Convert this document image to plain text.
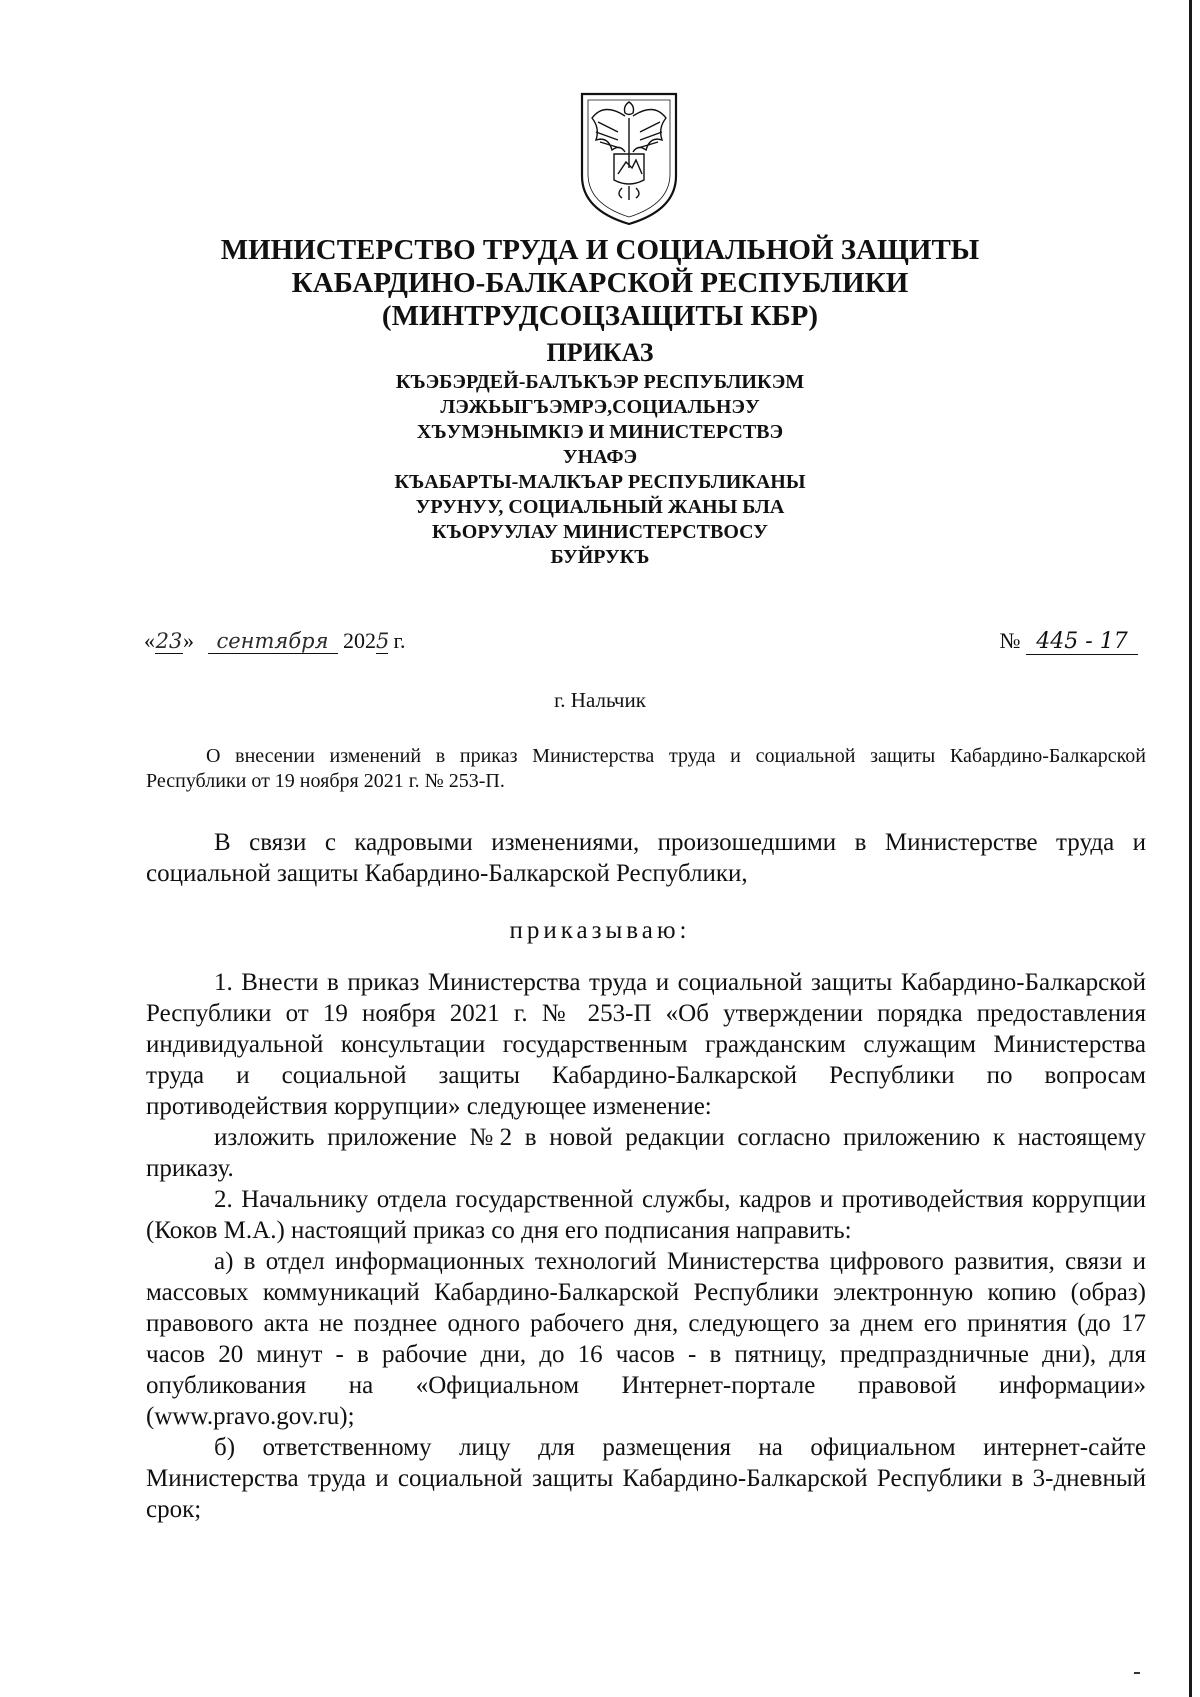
МИНИСТЕРСТВО ТРУДА И СОЦИАЛЬНОЙ ЗАЩИТЫ
КАБАРДИНО-БАЛКАРСКОЙ РЕСПУБЛИКИ
(МИНТРУДСОЦЗАЩИТЫ КБР)
ПРИКАЗ
КЪЭБЭРДЕЙ-БАЛЪКЪЭР РЕСПУБЛИКЭМ
ЛЭЖЬЫГЪЭМРЭ,СОЦИАЛЬНЭУ
ХЪУМЭНЫМКIЭ И МИНИСТЕРСТВЭ
УНАФЭ
КЪАБАРТЫ-МАЛКЪАР РЕСПУБЛИКАНЫ
УРУНУУ, СОЦИАЛЬНЫЙ ЖАНЫ БЛА
КЪОРУУЛАУ МИНИСТЕРСТВОСУ
БУЙРУКЪ
«23» сентября 2025 г.	№ 445 - 17
г. Нальчик

О внесении изменений в приказ Министерства труда и социальной защиты Кабардино-Балкарской Республики от 19 ноября 2021 г. № 253-П.

В связи с кадровыми изменениями, произошедшими в Министерстве труда и социальной защиты Кабардино-Балкарской Республики,

приказываю:

1. Внести в приказ Министерства труда и социальной защиты Кабардино-Балкарской Республики от 19 ноября 2021 г. № 253-П «Об утверждении порядка предоставления индивидуальной консультации государственным гражданским служащим Министерства труда и социальной защиты Кабардино-Балкарской Республики по вопросам противодействия коррупции» следующее изменение:

изложить приложение №2 в новой редакции согласно приложению к настоящему приказу.

2. Начальнику отдела государственной службы, кадров и противодействия коррупции (Коков М.А.) настоящий приказ со дня его подписания направить:

а) в отдел информационных технологий Министерства цифрового развития, связи и массовых коммуникаций Кабардино-Балкарской Республики электронную копию (образ) правового акта не позднее одного рабочего дня, следующего за днем его принятия (до 17 часов 20 минут - в рабочие дни, до 16 часов - в пятницу, предпраздничные дни), для опубликования на «Официальном Интернет-портале правовой информации» (www.pravo.gov.ru);

б) ответственному лицу для размещения на официальном интернет-сайте Министерства труда и социальной защиты Кабардино-Балкарской Республики в 3-дневный срок;
